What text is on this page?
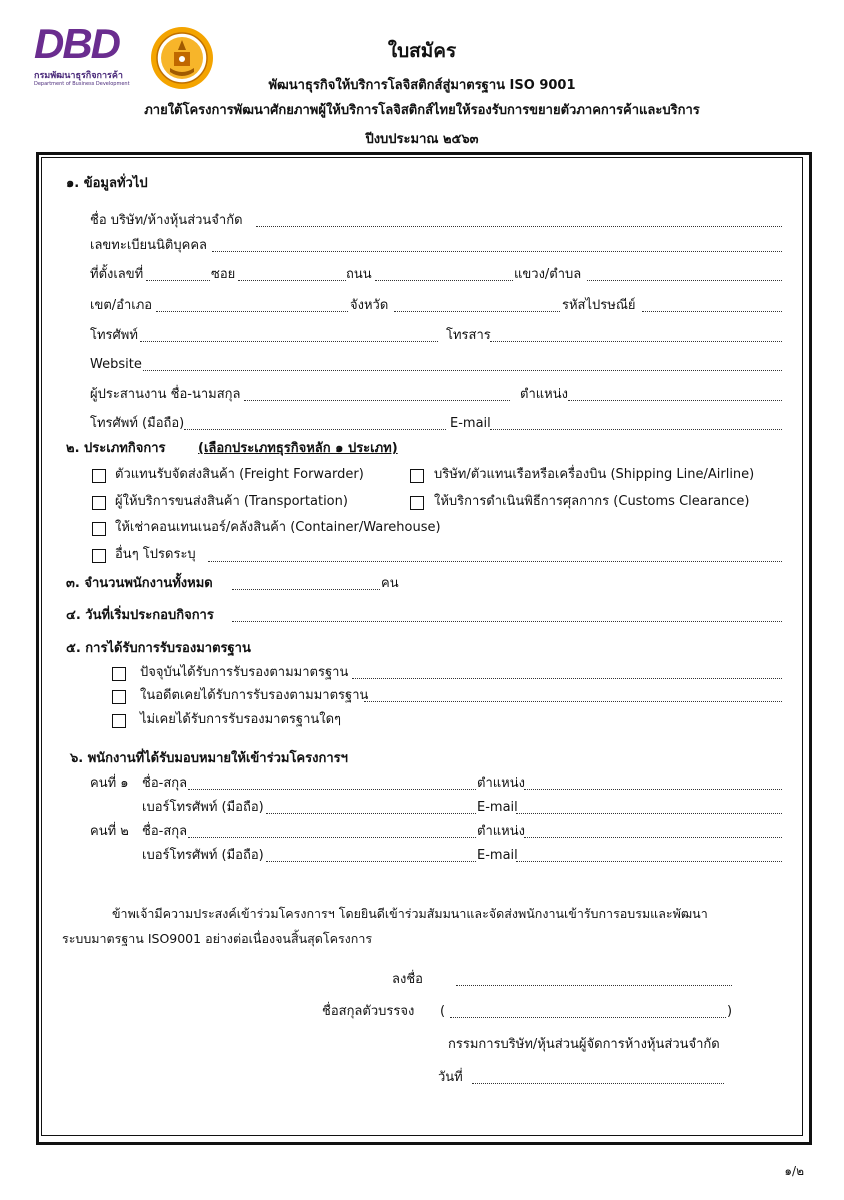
DBD
กรมพัฒนาธุรกิจการค้า
Department of Business Development
ใบสมัคร
พัฒนาธุรกิจให้บริการโลจิสติกส์สู่มาตรฐาน ISO 9001
ภายใต้โครงการพัฒนาศักยภาพผู้ให้บริการโลจิสติกส์ไทยให้รองรับการขยายตัวภาคการค้าและบริการ
ปีงบประมาณ ๒๕๖๓
๑. ข้อมูลทั่วไป
ชื่อ บริษัท/ห้างหุ้นส่วนจำกัด
เลขทะเบียนนิติบุคคล
ที่ตั้งเลขที่	ซอย	ถนน	แขวง/ตำบล
เขต/อำเภอ	จังหวัด	รหัสไปรษณีย์
โทรศัพท์	โทรสาร
Website
ผู้ประสานงาน ชื่อ-นามสกุล	ตำแหน่ง
โทรศัพท์ (มือถือ)	E-mail
๒. ประเภทกิจการ	(เลือกประเภทธุรกิจหลัก ๑ ประเภท)
ตัวแทนรับจัดส่งสินค้า (Freight Forwarder)	บริษัท/ตัวแทนเรือหรือเครื่องบิน (Shipping Line/Airline)
ผู้ให้บริการขนส่งสินค้า (Transportation)	ให้บริการดำเนินพิธีการศุลกากร (Customs Clearance)
ให้เช่าคอนเทนเนอร์/คลังสินค้า (Container/Warehouse)
อื่นๆ โปรดระบุ
๓. จำนวนพนักงานทั้งหมด	คน
๔. วันที่เริ่มประกอบกิจการ
๕. การได้รับการรับรองมาตรฐาน
ปัจจุบันได้รับการรับรองตามมาตรฐาน
ในอดีตเคยได้รับการรับรองตามมาตรฐาน
ไม่เคยได้รับการรับรองมาตรฐานใดๆ
๖. พนักงานที่ได้รับมอบหมายให้เข้าร่วมโครงการฯ
คนที่ ๑ ชื่อ-สกุล	ตำแหน่ง
เบอร์โทรศัพท์ (มือถือ)	E-mail
คนที่ ๒ ชื่อ-สกุล	ตำแหน่ง
เบอร์โทรศัพท์ (มือถือ)	E-mail
ข้าพเจ้ามีความประสงค์เข้าร่วมโครงการฯ โดยยินดีเข้าร่วมสัมมนาและจัดส่งพนักงานเข้ารับการอบรมและพัฒนา
ระบบมาตรฐาน ISO9001 อย่างต่อเนื่องจนสิ้นสุดโครงการ
ลงชื่อ
ชื่อสกุลตัวบรรจง (	)
กรรมการบริษัท/หุ้นส่วนผู้จัดการห้างหุ้นส่วนจำกัด
วันที่
๑/๒
